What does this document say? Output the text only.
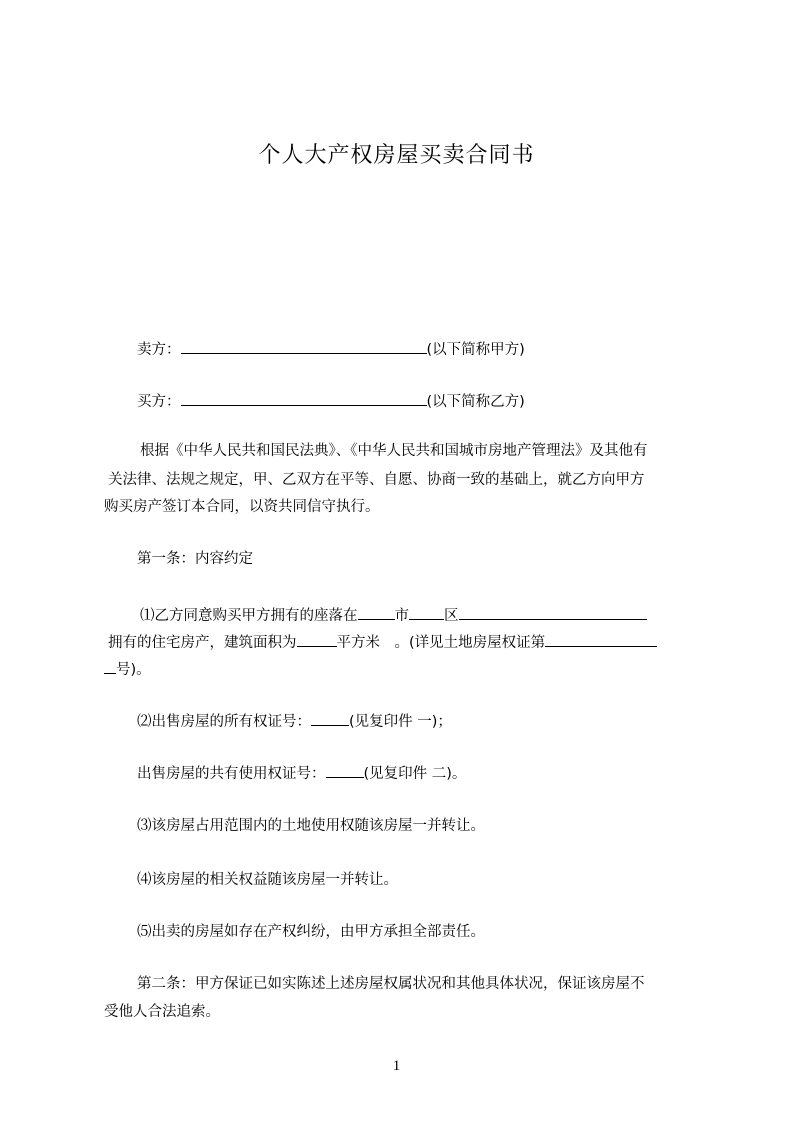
个人大产权房屋买卖合同书
卖方：	(以下简称甲方)
买方：	(以下简称乙方)
根据《中华人民共和国民法典》、《中华人民共和国城市房地产管理法》及其他有
关法律、法规之规定，甲、乙双方在平等、自愿、协商一致的基础上，就乙方向甲方
购买房产签订本合同，以资共同信守执行。
第一条：内容约定
⑴乙方同意购买甲方拥有的座落在	市 区
拥有的住宅房产，建筑面积为	平方米　。(详见土地房屋权证第
号)。
⑵出售房屋的所有权证号：	(见复印件 一)；
出售房屋的共有使用权证号：	(见复印件 二)。
⑶该房屋占用范围内的土地使用权随该房屋一并转让。
⑷该房屋的相关权益随该房屋一并转让。
⑸出卖的房屋如存在产权纠纷，由甲方承担全部责任。
第二条：甲方保证已如实陈述上述房屋权属状况和其他具体状况，保证该房屋不
受他人合法追索。
1
